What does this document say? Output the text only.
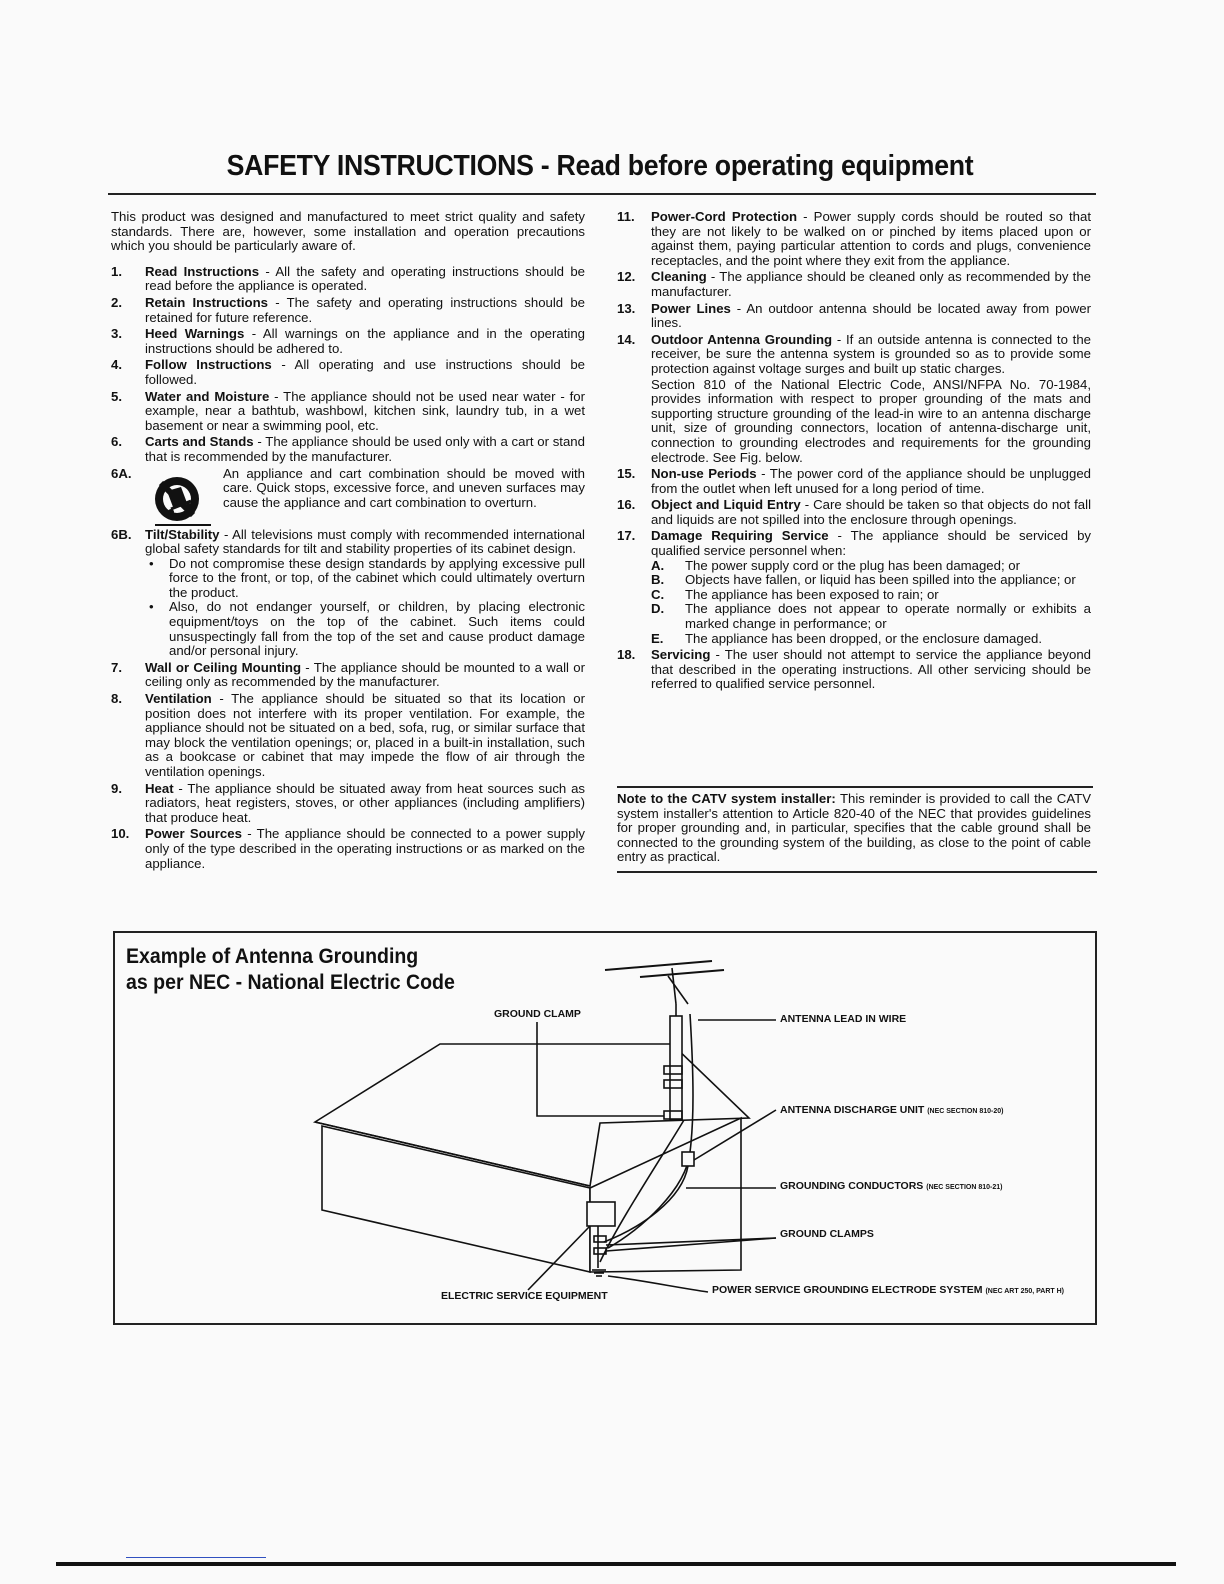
SAFETY INSTRUCTIONS - Read before operating equipment

This product was designed and manufactured to meet strict quality and safety standards. There are, however, some installation and operation precautions which you should be particularly aware of.

1. Read Instructions - All the safety and operating instructions should be read before the appliance is operated.
2. Retain Instructions - The safety and operating instructions should be retained for future reference.
3. Heed Warnings - All warnings on the appliance and in the operating instructions should be adhered to.
4. Follow Instructions - All operating and use instructions should be followed.
5. Water and Moisture - The appliance should not be used near water - for example, near a bathtub, washbowl, kitchen sink, laundry tub, in a wet basement or near a swimming pool, etc.
6. Carts and Stands - The appliance should be used only with a cart or stand that is recommended by the manufacturer.
6A.	An appliance and cart combination should be moved with care. Quick stops, excessive force, and uneven surfaces may cause the appliance and cart combination to overturn.
6B. Tilt/Stability - All televisions must comply with recommended international global safety standards for tilt and stability properties of its cabinet design.
• Do not compromise these design standards by applying excessive pull force to the front, or top, of the cabinet which could ultimately overturn the product.
• Also, do not endanger yourself, or children, by placing electronic equipment/toys on the top of the cabinet. Such items could unsuspectingly fall from the top of the set and cause product damage and/or personal injury.
7. Wall or Ceiling Mounting - The appliance should be mounted to a wall or ceiling only as recommended by the manufacturer.
8. Ventilation - The appliance should be situated so that its location or position does not interfere with its proper ventilation. For example, the appliance should not be situated on a bed, sofa, rug, or similar surface that may block the ventilation openings; or, placed in a built-in installation, such as a bookcase or cabinet that may impede the flow of air through the ventilation openings.
9. Heat - The appliance should be situated away from heat sources such as radiators, heat registers, stoves, or other appliances (including amplifiers) that produce heat.
10. Power Sources - The appliance should be connected to a power supply only of the type described in the operating instructions or as marked on the appliance.
11. Power-Cord Protection - Power supply cords should be routed so that they are not likely to be walked on or pinched by items placed upon or against them, paying particular attention to cords and plugs, convenience receptacles, and the point where they exit from the appliance.
12. Cleaning - The appliance should be cleaned only as recommended by the manufacturer.
13. Power Lines - An outdoor antenna should be located away from power lines.
14. Outdoor Antenna Grounding - If an outside antenna is connected to the receiver, be sure the antenna system is grounded so as to provide some protection against voltage surges and built up static charges.
Section 810 of the National Electric Code, ANSI/NFPA No. 70-1984, provides information with respect to proper grounding of the mats and supporting structure grounding of the lead-in wire to an antenna discharge unit, size of grounding connectors, location of antenna-discharge unit, connection to grounding electrodes and requirements for the grounding electrode. See Fig. below.
15. Non-use Periods - The power cord of the appliance should be unplugged from the outlet when left unused for a long period of time.
16. Object and Liquid Entry - Care should be taken so that objects do not fall and liquids are not spilled into the enclosure through openings.
17. Damage Requiring Service - The appliance should be serviced by qualified service personnel when:
A. The power supply cord or the plug has been damaged; or
B. Objects have fallen, or liquid has been spilled into the appliance; or
C. The appliance has been exposed to rain; or
D. The appliance does not appear to operate normally or exhibits a marked change in performance; or
E. The appliance has been dropped, or the enclosure damaged.
18. Servicing - The user should not attempt to service the appliance beyond that described in the operating instructions. All other servicing should be referred to qualified service personnel.
Note to the CATV system installer: This reminder is provided to call the CATV system installer's attention to Article 820-40 of the NEC that provides guidelines for proper grounding and, in particular, specifies that the cable ground shall be connected to the grounding system of the building, as close to the point of cable entry as practical.
Example of Antenna Grounding
as per NEC - National Electric Code
GROUND CLAMP	ANTENNA LEAD IN WIRE
ANTENNA DISCHARGE UNIT (NEC SECTION 810-20)
GROUNDING CONDUCTORS (NEC SECTION 810-21)
GROUND CLAMPS
ELECTRIC SERVICE EQUIPMENT	POWER SERVICE GROUNDING ELECTRODE SYSTEM (NEC ART 250, PART H)
